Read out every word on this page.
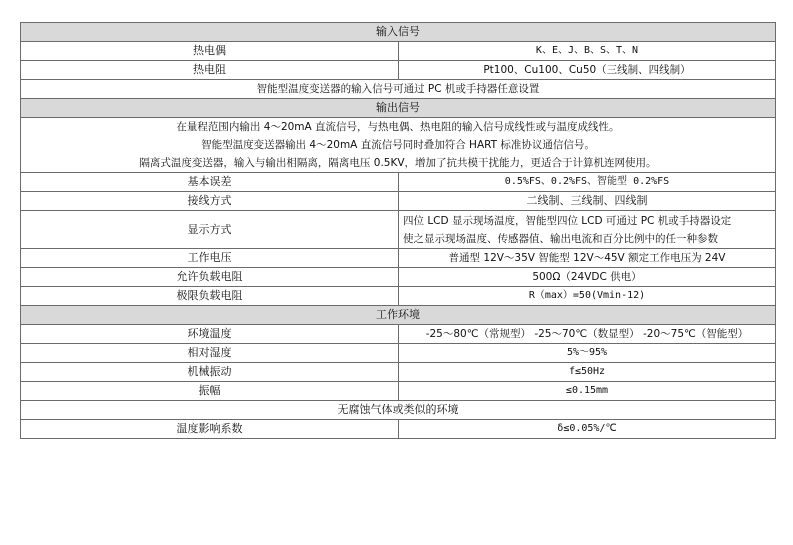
输入信号	
热电偶	K、E、J、B、S、T、N
热电阻	Pt100、Cu100、Cu50（三线制、四线制）
智能型温度变送器的输入信号可通过 PC 机或手持器任意设置	
输出信号	

在量程范围内输出 4～20mA 直流信号，与热电偶、热电阻的输入信号成线性或与温度成线性。
智能型温度变送器输出 4～20mA 直流信号同时叠加符合 HART 标准协议通信信号。
隔离式温度变送器，输入与输出相隔离，隔离电压 0.5KV，增加了抗共模干扰能力，更适合于计算机连网使用。	

基本误差	0.5%FS、0.2%FS、智能型 0.2%FS
接线方式	二线制、三线制、四线制
显示方式	四位 LCD 显示现场温度，智能型四位 LCD 可通过 PC 机或手持器设定
使之显示现场温度、传感器值、输出电流和百分比例中的任一种参数

工作电压	普通型 12V～35V 智能型 12V～45V 额定工作电压为 24V
允许负载电阻	500Ω（24VDC 供电）
极限负载电阻	R（max）=50(Vmin-12)
工作环境	
环境温度	-25～80℃（常规型） -25～70℃（数显型） -20～75℃（智能型）
相对湿度	5%～95%
机械振动	f≤50Hz
振幅	≤0.15mm
无腐蚀气体或类似的环境	
温度影响系数	δ≤0.05%/℃
